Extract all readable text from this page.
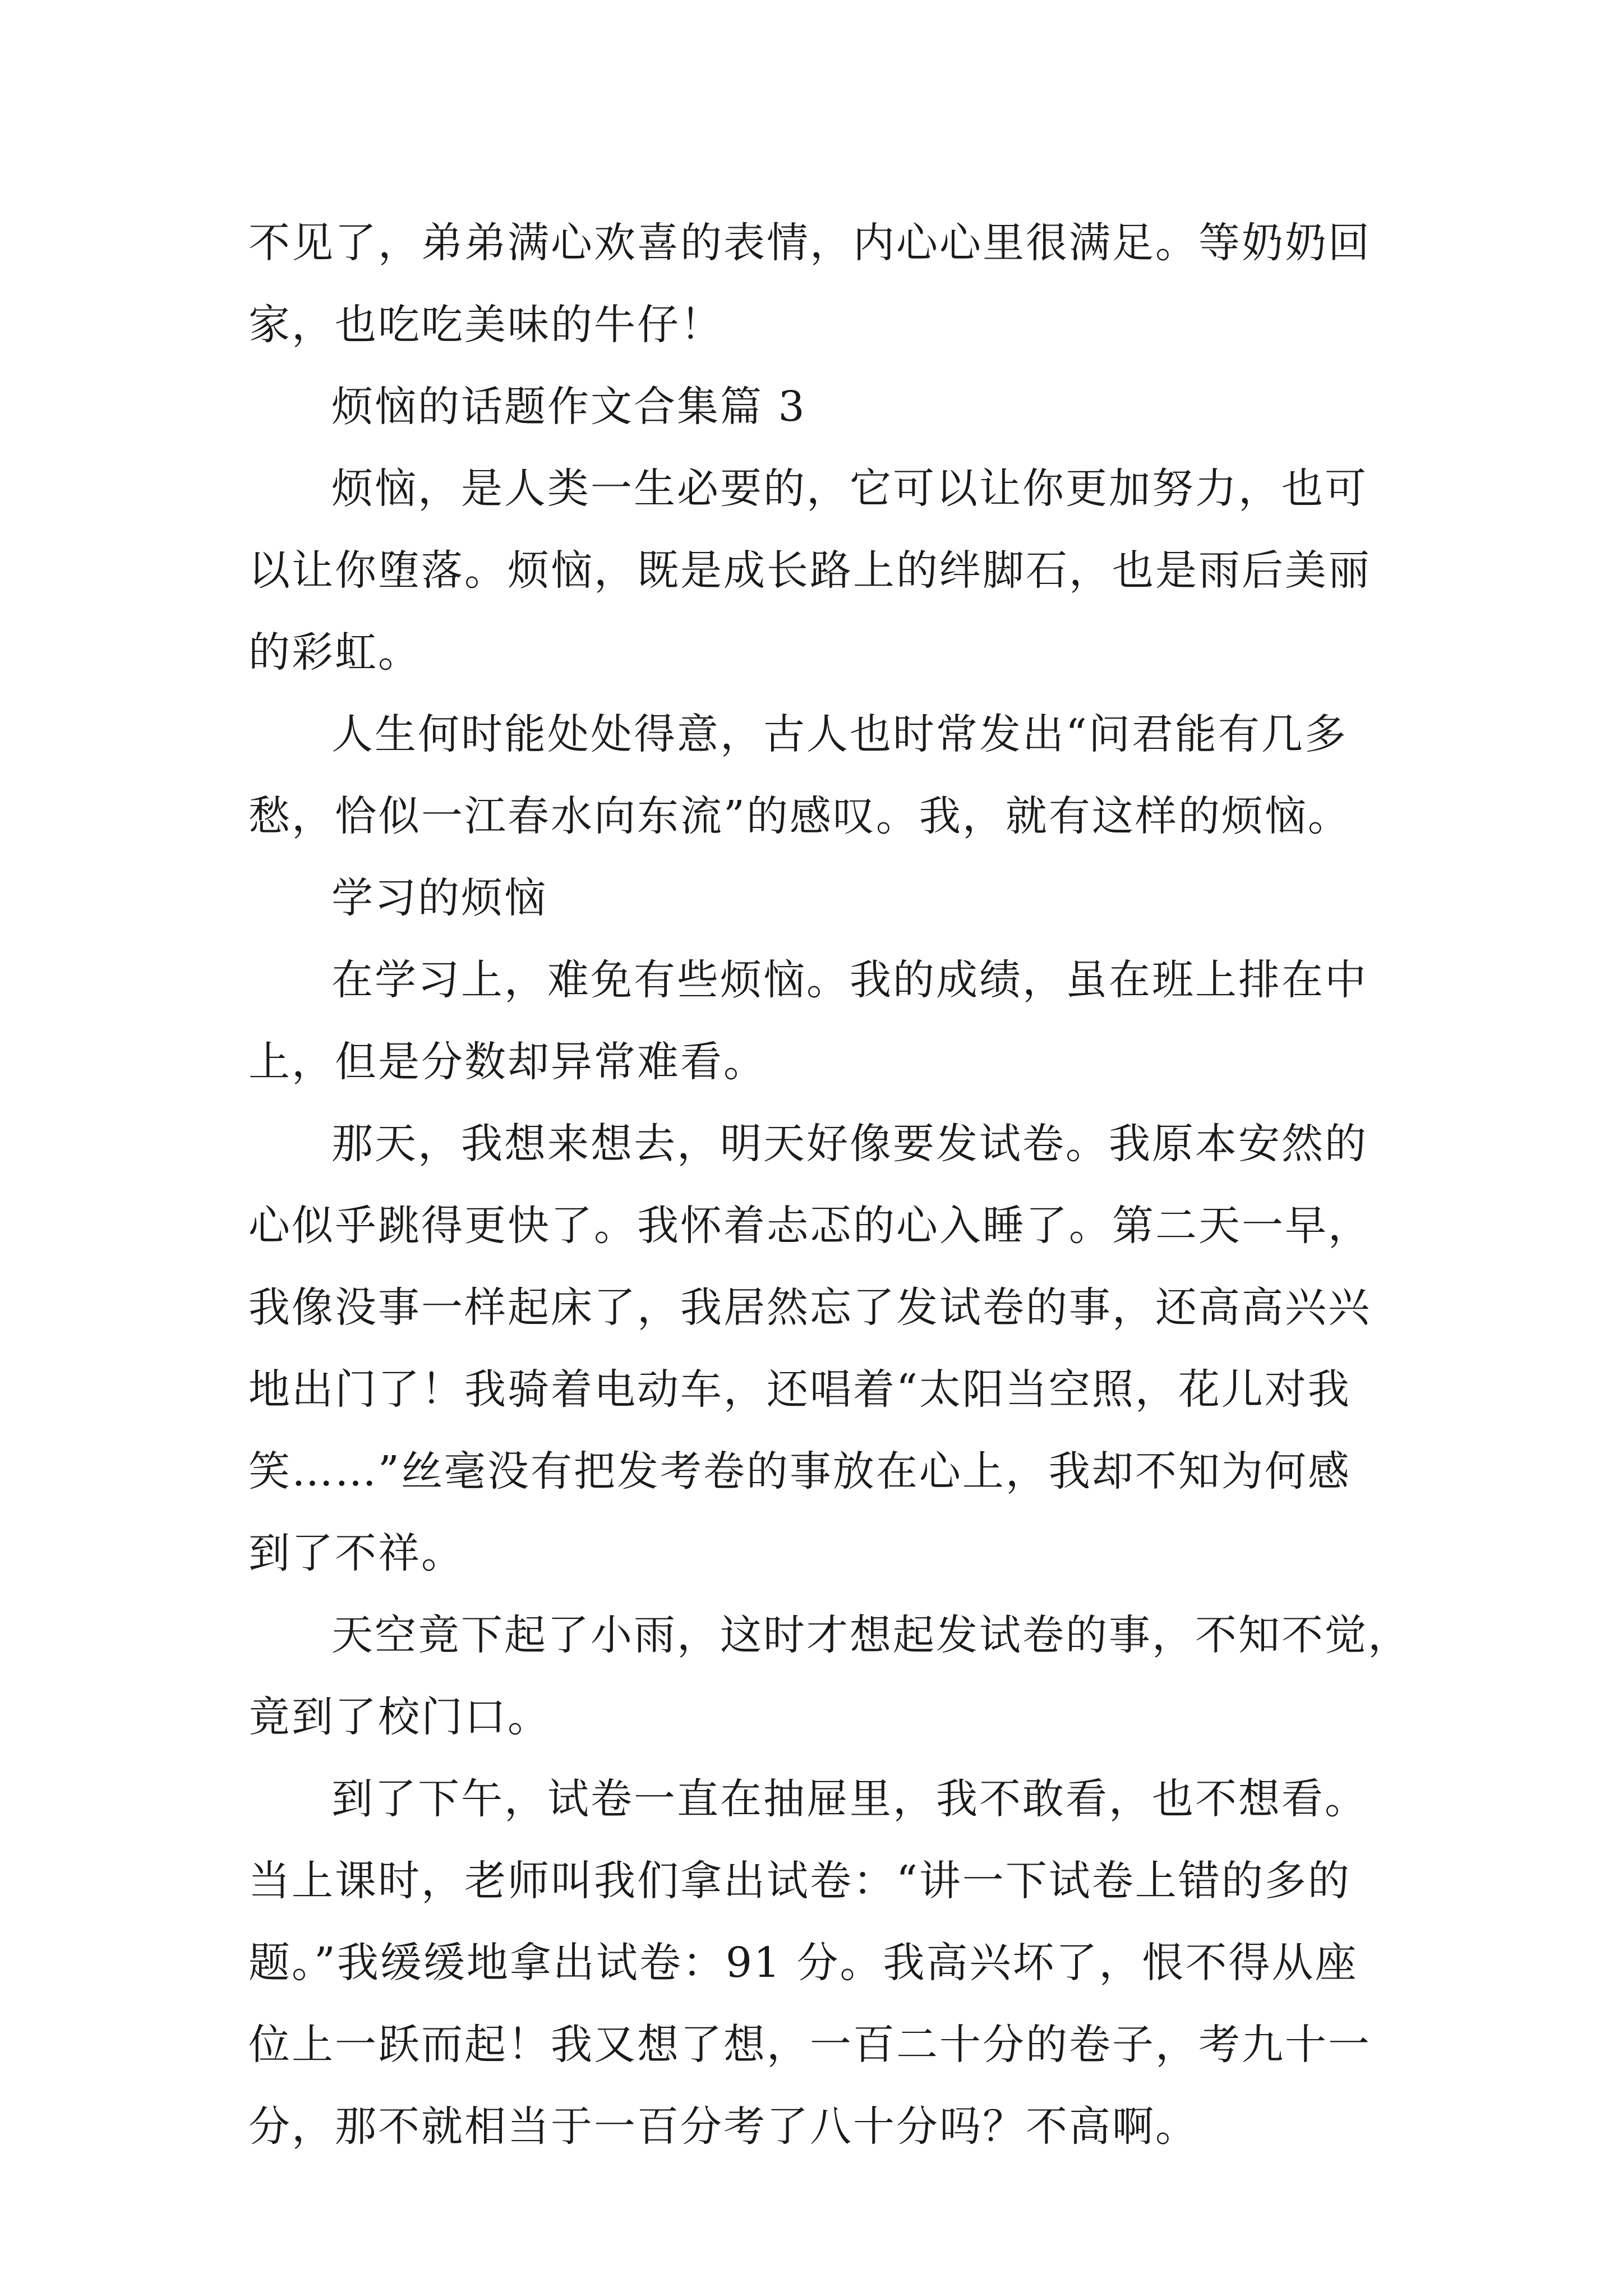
不见了，弟弟满心欢喜的表情，内心心里很满足。等奶奶回
家，也吃吃美味的牛仔！
烦恼的话题作文合集篇 3
烦恼，是人类一生必要的，它可以让你更加努力，也可
以让你堕落。烦恼，既是成长路上的绊脚石，也是雨后美丽
的彩虹。
人生何时能处处得意，古人也时常发出“问君能有几多
愁，恰似一江春水向东流”的感叹。我，就有这样的烦恼。
学习的烦恼
在学习上，难免有些烦恼。我的成绩，虽在班上排在中
上，但是分数却异常难看。
那天，我想来想去，明天好像要发试卷。我原本安然的
心似乎跳得更快了。我怀着忐忑的心入睡了。第二天一早，
我像没事一样起床了，我居然忘了发试卷的事，还高高兴兴
地出门了！我骑着电动车，还唱着“太阳当空照，花儿对我
笑……”丝毫没有把发考卷的事放在心上，我却不知为何感
到了不祥。
天空竟下起了小雨，这时才想起发试卷的事，不知不觉，
竟到了校门口。
到了下午，试卷一直在抽屉里，我不敢看，也不想看。
当上课时，老师叫我们拿出试卷：“讲一下试卷上错的多的
题。”我缓缓地拿出试卷：91 分。我高兴坏了，恨不得从座
位上一跃而起！我又想了想，一百二十分的卷子，考九十一
分，那不就相当于一百分考了八十分吗？不高啊。
